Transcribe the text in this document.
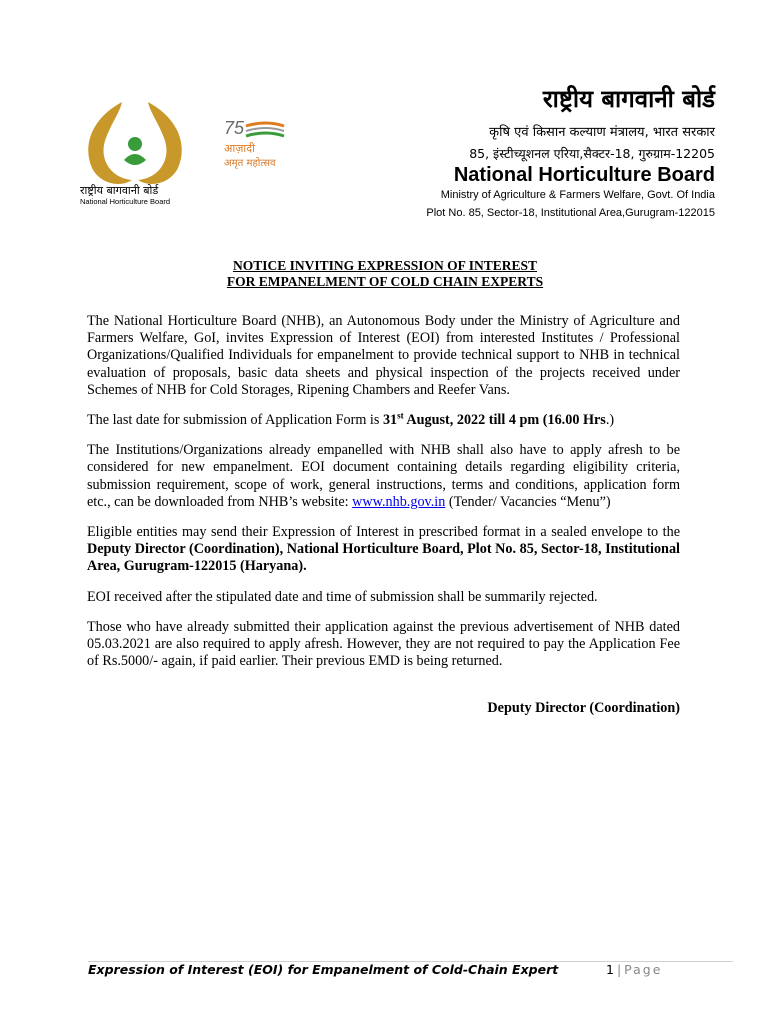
राष्ट्रीय बागवानी बोर्ड
National Horticulture Board
75
आज़ादी
अमृत महोत्सव
राष्ट्रीय बागवानी बोर्ड
कृषि एवं किसान कल्याण मंत्रालय, भारत सरकार
85, इंस्टीच्यूशनल एरिया,सैक्टर-18, गुरुग्राम-12205
National Horticulture Board
Ministry of Agriculture & Farmers Welfare, Govt. Of India
Plot No. 85, Sector-18, Institutional Area,Gurugram-122015
NOTICE INVITING EXPRESSION OF INTEREST
FOR EMPANELMENT OF COLD CHAIN EXPERTS

The National Horticulture Board (NHB), an Autonomous Body under the Ministry of Agriculture and Farmers Welfare, GoI, invites Expression of Interest (EOI) from interested Institutes / Professional Organizations/Qualified Individuals for empanelment to provide technical support to NHB in technical evaluation of proposals, basic data sheets and physical inspection of the projects received under Schemes of NHB for Cold Storages, Ripening Chambers and Reefer Vans.

The last date for submission of Application Form is 31st August, 2022 till 4 pm (16.00 Hrs.)

The Institutions/Organizations already empanelled with NHB shall also have to apply afresh to be considered for new empanelment. EOI document containing details regarding eligibility criteria, submission requirement, scope of work, general instructions, terms and conditions, application form etc., can be downloaded from NHB’s website: www.nhb.gov.in (Tender/ Vacancies “Menu”)

Eligible entities may send their Expression of Interest in prescribed format in a sealed envelope to the Deputy Director (Coordination), National Horticulture Board, Plot No. 85, Sector-18, Institutional Area, Gurugram-122015 (Haryana).

EOI received after the stipulated date and time of submission shall be summarily rejected.

Those who have already submitted their application against the previous advertisement of NHB dated 05.03.2021 are also required to apply afresh. However, they are not required to pay the Application Fee of Rs.5000/- again, if paid earlier. Their previous EMD is being returned.

Deputy Director (Coordination)

Expression of Interest (EOI) for Empanelment of Cold-Chain Expert	1 | Page
